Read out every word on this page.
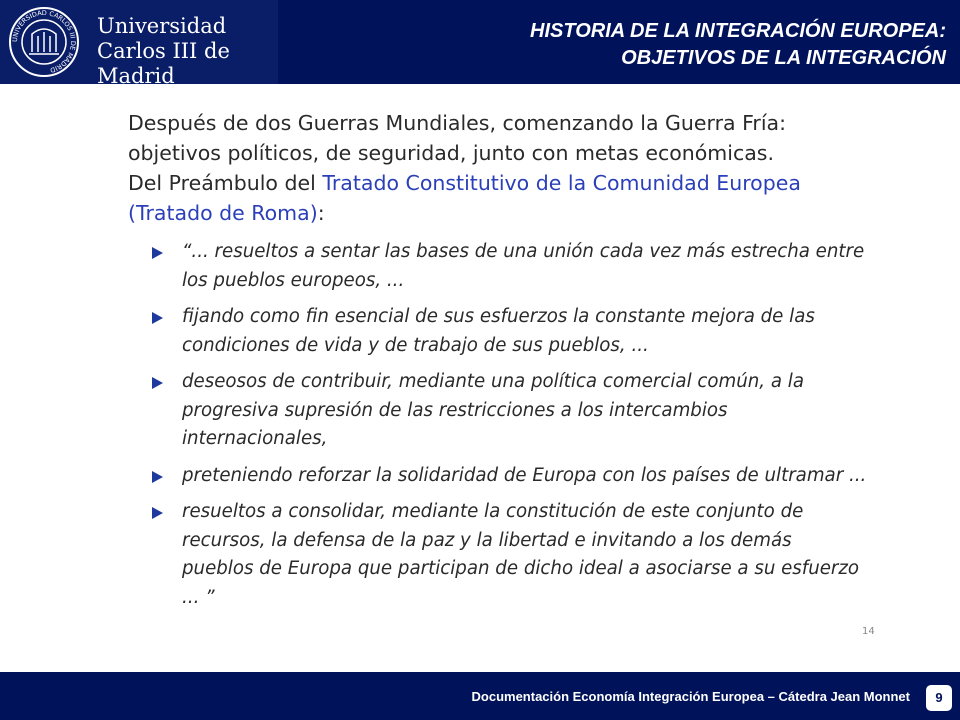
UNIVERSIDAD CARLOS III DE MADRID
Universidad
Carlos III de Madrid
HISTORIA DE LA INTEGRACIÓN EUROPEA:
OBJETIVOS DE LA INTEGRACIÓN

Después de dos Guerras Mundiales, comenzando la Guerra Fría:
objetivos políticos, de seguridad, junto con metas económicas.
Del Preámbulo del Tratado Constitutivo de la Comunidad Europea (Tratado de Roma):

“... resueltos a sentar las bases de una unión cada vez más estrecha entre los pueblos europeos, ...
fijando como fin esencial de sus esfuerzos la constante mejora de las condiciones de vida y de trabajo de sus pueblos, ...
deseosos de contribuir, mediante una política comercial común, a la progresiva supresión de las restricciones a los intercambios internacionales,
preteniendo reforzar la solidaridad de Europa con los países de ultramar ...
resueltos a consolidar, mediante la constitución de este conjunto de recursos, la defensa de la paz y la libertad e invitando a los demás pueblos de Europa que participan de dicho ideal a asociarse a su esfuerzo ... ”
14
Documentación Economía Integración Europea – Cátedra Jean Monnet	9
